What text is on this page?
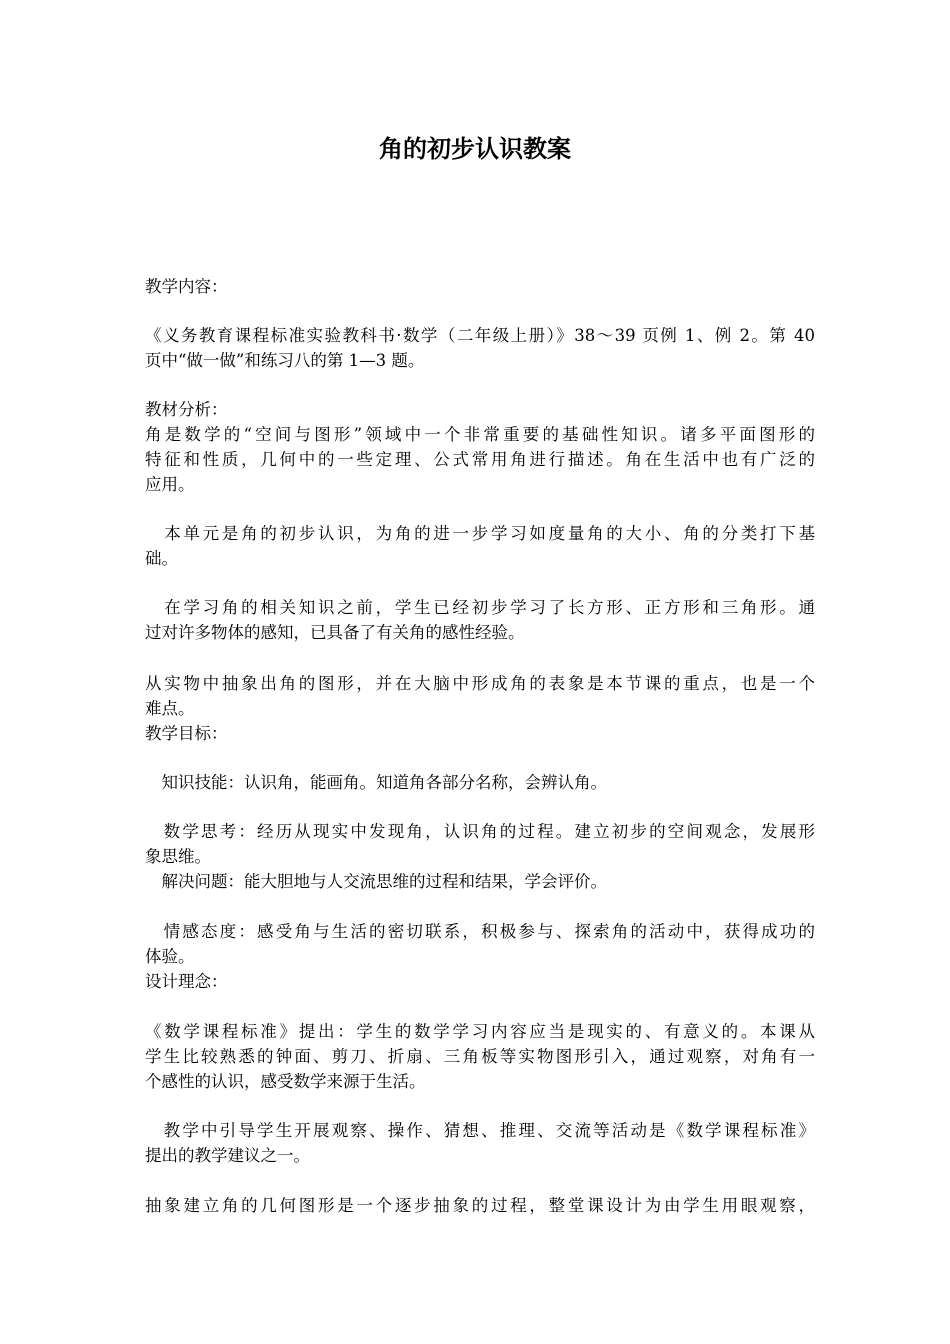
角的初步认识教案
教学内容：
《义务教育课程标准实验教科书·数学（二年级上册）》38～39 页例 1、例 2。第 40
页中“做一做”和练习八的第 1—3 题。
教材分析：
角是数学的“空间与图形”领域中一个非常重要的基础性知识。诸多平面图形的
特征和性质，几何中的一些定理、公式常用角进行描述。角在生活中也有广泛的
应用。
　本单元是角的初步认识，为角的进一步学习如度量角的大小、角的分类打下基
础。
　在学习角的相关知识之前，学生已经初步学习了长方形、正方形和三角形。通
过对许多物体的感知，已具备了有关角的感性经验。
从实物中抽象出角的图形，并在大脑中形成角的表象是本节课的重点，也是一个
难点。
教学目标：
　知识技能：认识角，能画角。知道角各部分名称，会辨认角。
　数学思考：经历从现实中发现角，认识角的过程。建立初步的空间观念，发展形
象思维。
　解决问题：能大胆地与人交流思维的过程和结果，学会评价。
　情感态度：感受角与生活的密切联系，积极参与、探索角的活动中，获得成功的
体验。
设计理念：
《数学课程标准》提出：学生的数学学习内容应当是现实的、有意义的。本课从
学生比较熟悉的钟面、剪刀、折扇、三角板等实物图形引入，通过观察，对角有一
个感性的认识，感受数学来源于生活。
　教学中引导学生开展观察、操作、猜想、推理、交流等活动是《数学课程标准》
提出的教学建议之一。
抽象建立角的几何图形是一个逐步抽象的过程，整堂课设计为由学生用眼观察，
